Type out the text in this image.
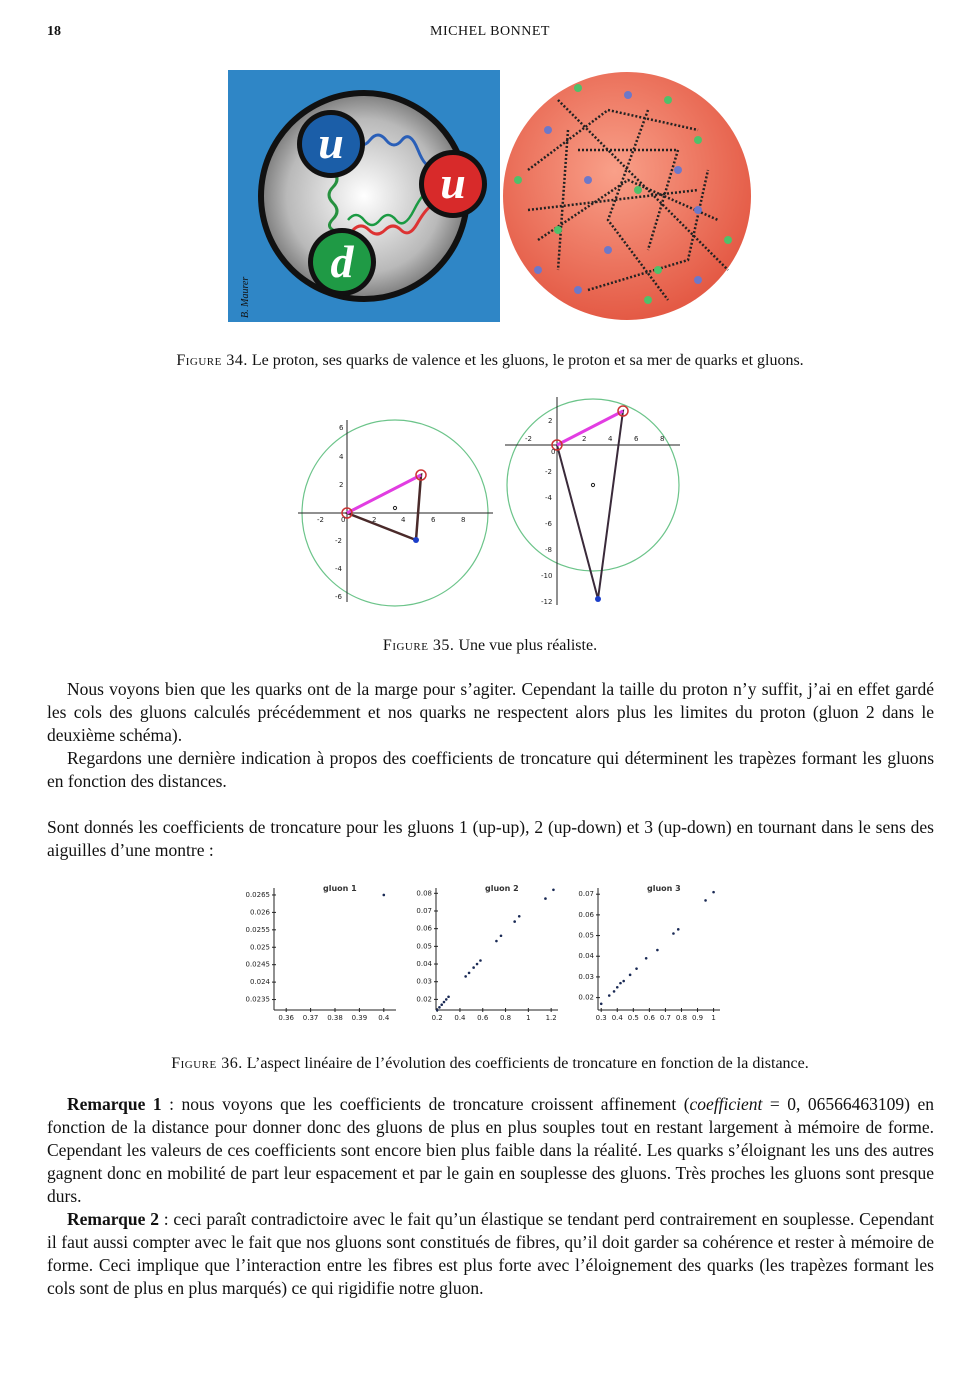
18	MICHEL BONNET
u
u
d
B. Maurer
Figure 34. Le proton, ses quarks de valence et les gluons, le proton et sa mer de quarks et gluons.
-2 0	2	4	6	8
6
4
2
-2
-4
-6
-2
0
2	4	6	8
2
-2
-4
-6
-8
-10
-12
Figure 35. Une vue plus réaliste.
Nous voyons bien que les quarks ont de la marge pour s’agiter. Cependant la taille du proton n’y suffit, j’ai en effet gardé les cols des gluons calculés précédemment et nos quarks ne respectent alors plus les limites du proton (gluon 2 dans le deuxième schéma).
Regardons une dernière indication à propos des coefficients de troncature qui déterminent les trapèzes formant les gluons en fonction des distances.
Sont donnés les coefficients de troncature pour les gluons 1 (up-up), 2 (up-down) et 3 (up-down) en tournant dans le sens des aiguilles d’une montre :
gluon 1
0.0265
0.026
0.0255
0.025
0.0245
0.024
0.0235
0.36 0.37 0.38 0.39 0.4
gluon 2
0.08
0.07
0.06
0.05
0.04
0.03
0.02
0.2 0.4 0.6 0.8 1 1.2
gluon 3
0.07
0.06
0.05
0.04
0.03
0.02
0.3 0.4 0.5 0.6 0.7 0.8 0.9 1
Figure 36. L’aspect linéaire de l’évolution des coefficients de troncature en fonction de la distance.
Remarque 1 : nous voyons que les coefficients de troncature croissent affinement (coefficient = 0, 06566463109) en fonction de la distance pour donner donc des gluons de plus en plus souples tout en restant largement à mémoire de forme. Cependant les valeurs de ces coefficients sont encore bien plus faible dans la réalité. Les quarks s’éloignant les uns des autres gagnent donc en mobilité de part leur espacement et par le gain en souplesse des gluons. Très proches les gluons sont presque durs.
Remarque 2 : ceci paraît contradictoire avec le fait qu’un élastique se tendant perd contrairement en souplesse. Cependant il faut aussi compter avec le fait que nos gluons sont constitués de fibres, qu’il doit garder sa cohérence et rester à mémoire de forme. Ceci implique que l’interaction entre les fibres est plus forte avec l’éloignement des quarks (les trapèzes formant les cols sont de plus en plus marqués) ce qui rigidifie notre gluon.
